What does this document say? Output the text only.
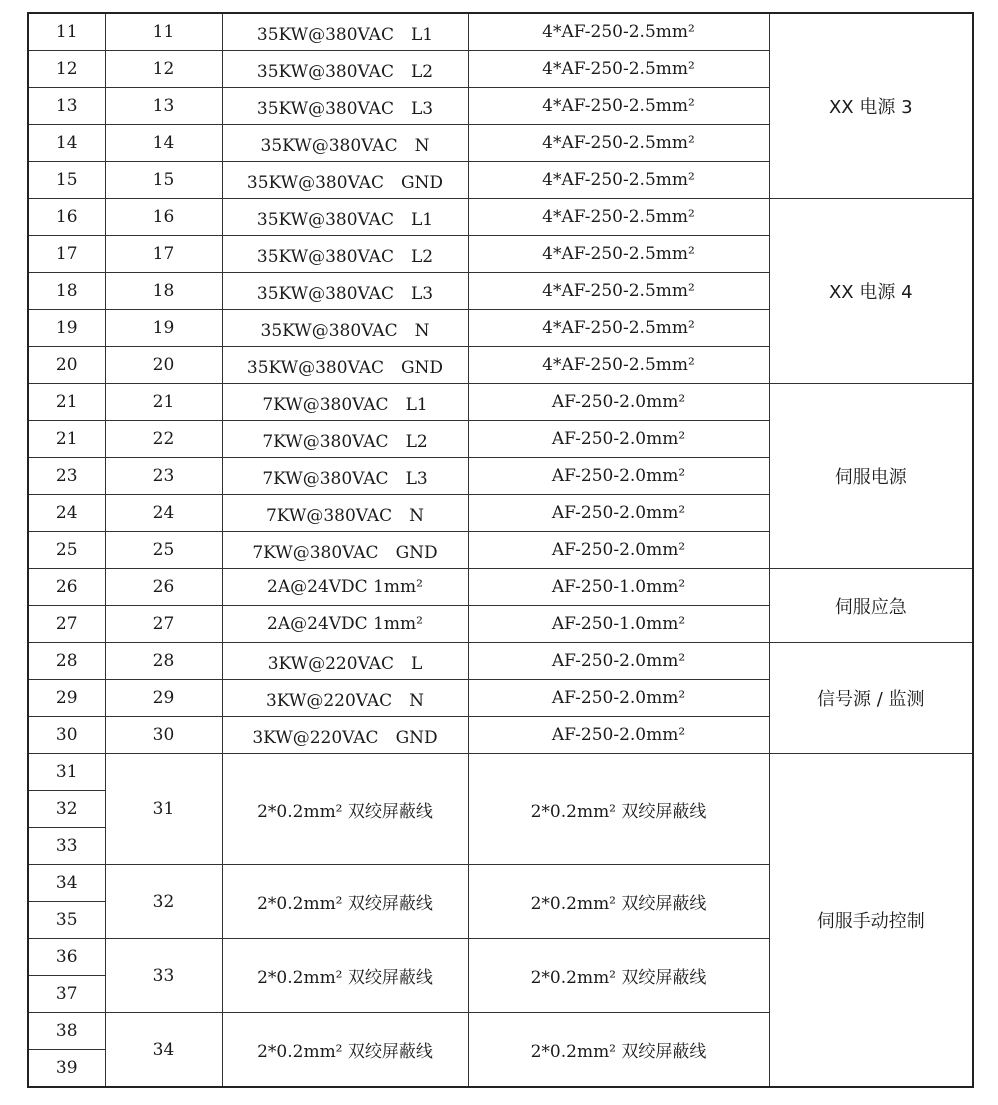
11	11	35KW@380VAC　L1	4*AF-250-2.5mm²	XX 电源 3
12	12	35KW@380VAC　L2	4*AF-250-2.5mm²	
13	13	35KW@380VAC　L3	4*AF-250-2.5mm²	
14	14	35KW@380VAC　N	4*AF-250-2.5mm²	
15	15	35KW@380VAC　GND	4*AF-250-2.5mm²	
16	16	35KW@380VAC　L1	4*AF-250-2.5mm²	XX 电源 4
17	17	35KW@380VAC　L2	4*AF-250-2.5mm²	
18	18	35KW@380VAC　L3	4*AF-250-2.5mm²	
19	19	35KW@380VAC　N	4*AF-250-2.5mm²	
20	20	35KW@380VAC　GND	4*AF-250-2.5mm²	
21	21	7KW@380VAC　L1	AF-250-2.0mm²	伺服电源
21	22	7KW@380VAC　L2	AF-250-2.0mm²	
23	23	7KW@380VAC　L3	AF-250-2.0mm²	
24	24	7KW@380VAC　N	AF-250-2.0mm²	
25	25	7KW@380VAC　GND	AF-250-2.0mm²	
26	26	2A@24VDC 1mm²	AF-250-1.0mm²	伺服应急
27	27	2A@24VDC 1mm²	AF-250-1.0mm²	
28	28	3KW@220VAC　L	AF-250-2.0mm²	信号源 / 监测
29	29	3KW@220VAC　N	AF-250-2.0mm²	
30	30	3KW@220VAC　GND	AF-250-2.0mm²	
31	31	2*0.2mm² 双绞屏蔽线	2*0.2mm² 双绞屏蔽线	伺服手动控制
32				
33				
34	32	2*0.2mm² 双绞屏蔽线	2*0.2mm² 双绞屏蔽线	
35				
36	33	2*0.2mm² 双绞屏蔽线	2*0.2mm² 双绞屏蔽线	
37				
38	34	2*0.2mm² 双绞屏蔽线	2*0.2mm² 双绞屏蔽线	
39				
